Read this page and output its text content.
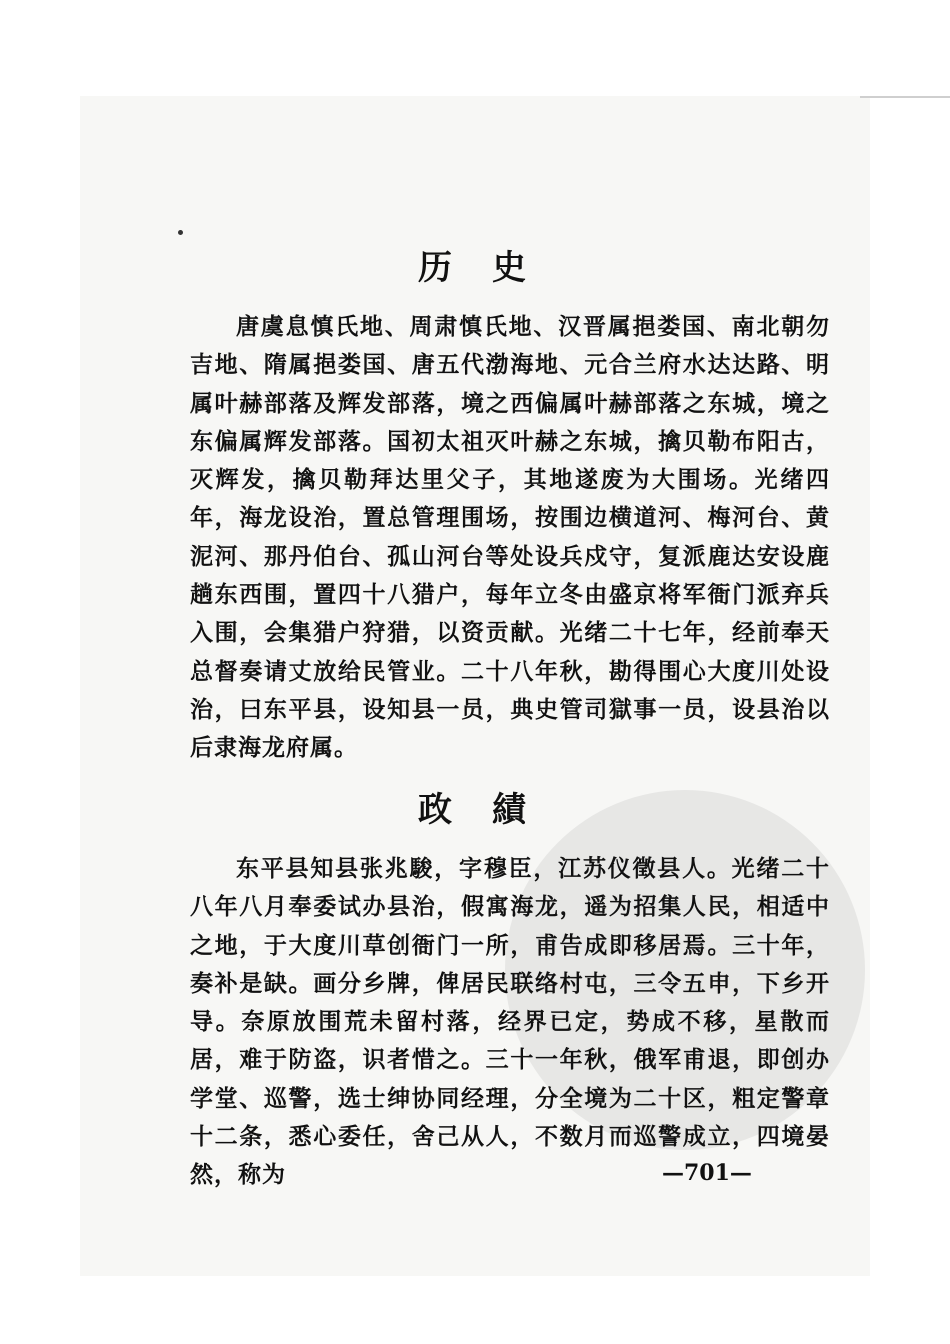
历史
唐虞息慎氏地、周肃慎氏地、汉晋属挹娄国、南北朝勿吉地、隋属挹娄国、唐五代渤海地、元合兰府水达达路、明属叶赫部落及辉发部落，境之西偏属叶赫部落之东城，境之东偏属辉发部落。国初太祖灭叶赫之东城，擒贝勒布阳古，灭辉发，擒贝勒拜达里父子，其地遂废为大围场。光绪四年，海龙设治，置总管理围场，按围边横道河、梅河台、黄泥河、那丹伯台、孤山河台等处设兵戍守，复派鹿达安设鹿趟东西围，置四十八猎户，每年立冬由盛京将军衙门派弃兵入围，会集猎户狩猎，以资贡献。光绪二十七年，经前奉天总督奏请丈放给民管业。二十八年秋，勘得围心大度川处设治，曰东平县，设知县一员，典史管司獄事一员，设县治以后隶海龙府属。
政績
东平县知县张兆駿，字穆臣，江苏仪徵县人。光绪二十八年八月奉委试办县治，假寓海龙，遥为招集人民，相适中之地，于大度川草创衙门一所，甫告成即移居焉。三十年，奏补是缺。画分乡牌，俾居民联络村屯，三令五申，下乡开导。奈原放围荒未留村落，经界已定，势成不移，星散而居，难于防盗，识者惜之。三十一年秋，俄军甫退，即创办学堂、巡警，选士绅协同经理，分全境为二十区，粗定警章十二条，悉心委任，舍己从人，不数月而巡警成立，四境晏然，称为	—701—
